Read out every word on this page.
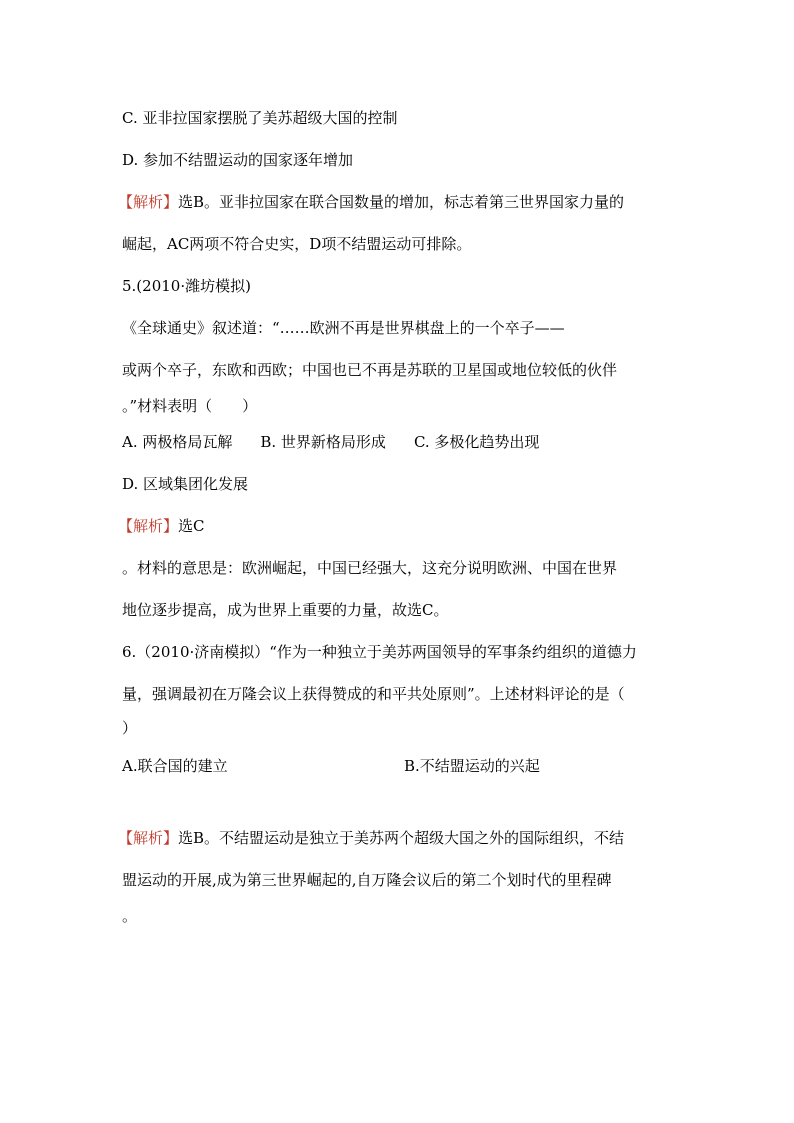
C. 亚非拉国家摆脱了美苏超级大国的控制
D. 参加不结盟运动的国家逐年增加
【解析】选B。亚非拉国家在联合国数量的增加，标志着第三世界国家力量的
崛起，AC两项不符合史实，D项不结盟运动可排除。
5.(2010·潍坊模拟)
《全球通史》叙述道：“……欧洲不再是世界棋盘上的一个卒子——
或两个卒子，东欧和西欧；中国也已不再是苏联的卫星国或地位较低的伙伴
。”材料表明（　　）
A. 两极格局瓦解 B. 世界新格局形成 C. 多极化趋势出现
D. 区域集团化发展
【解析】选C
。材料的意思是：欧洲崛起，中国已经强大，这充分说明欧洲、中国在世界
地位逐步提高，成为世界上重要的力量，故选C。
6.（2010·济南模拟）“作为一种独立于美苏两国领导的军事条约组织的道德力
量，强调最初在万隆会议上获得赞成的和平共处原则”。上述材料评论的是（
）
A.联合国的建立	B.不结盟运动的兴起
【解析】选B。不结盟运动是独立于美苏两个超级大国之外的国际组织，不结
盟运动的开展,成为第三世界崛起的,自万隆会议后的第二个划时代的里程碑
。
